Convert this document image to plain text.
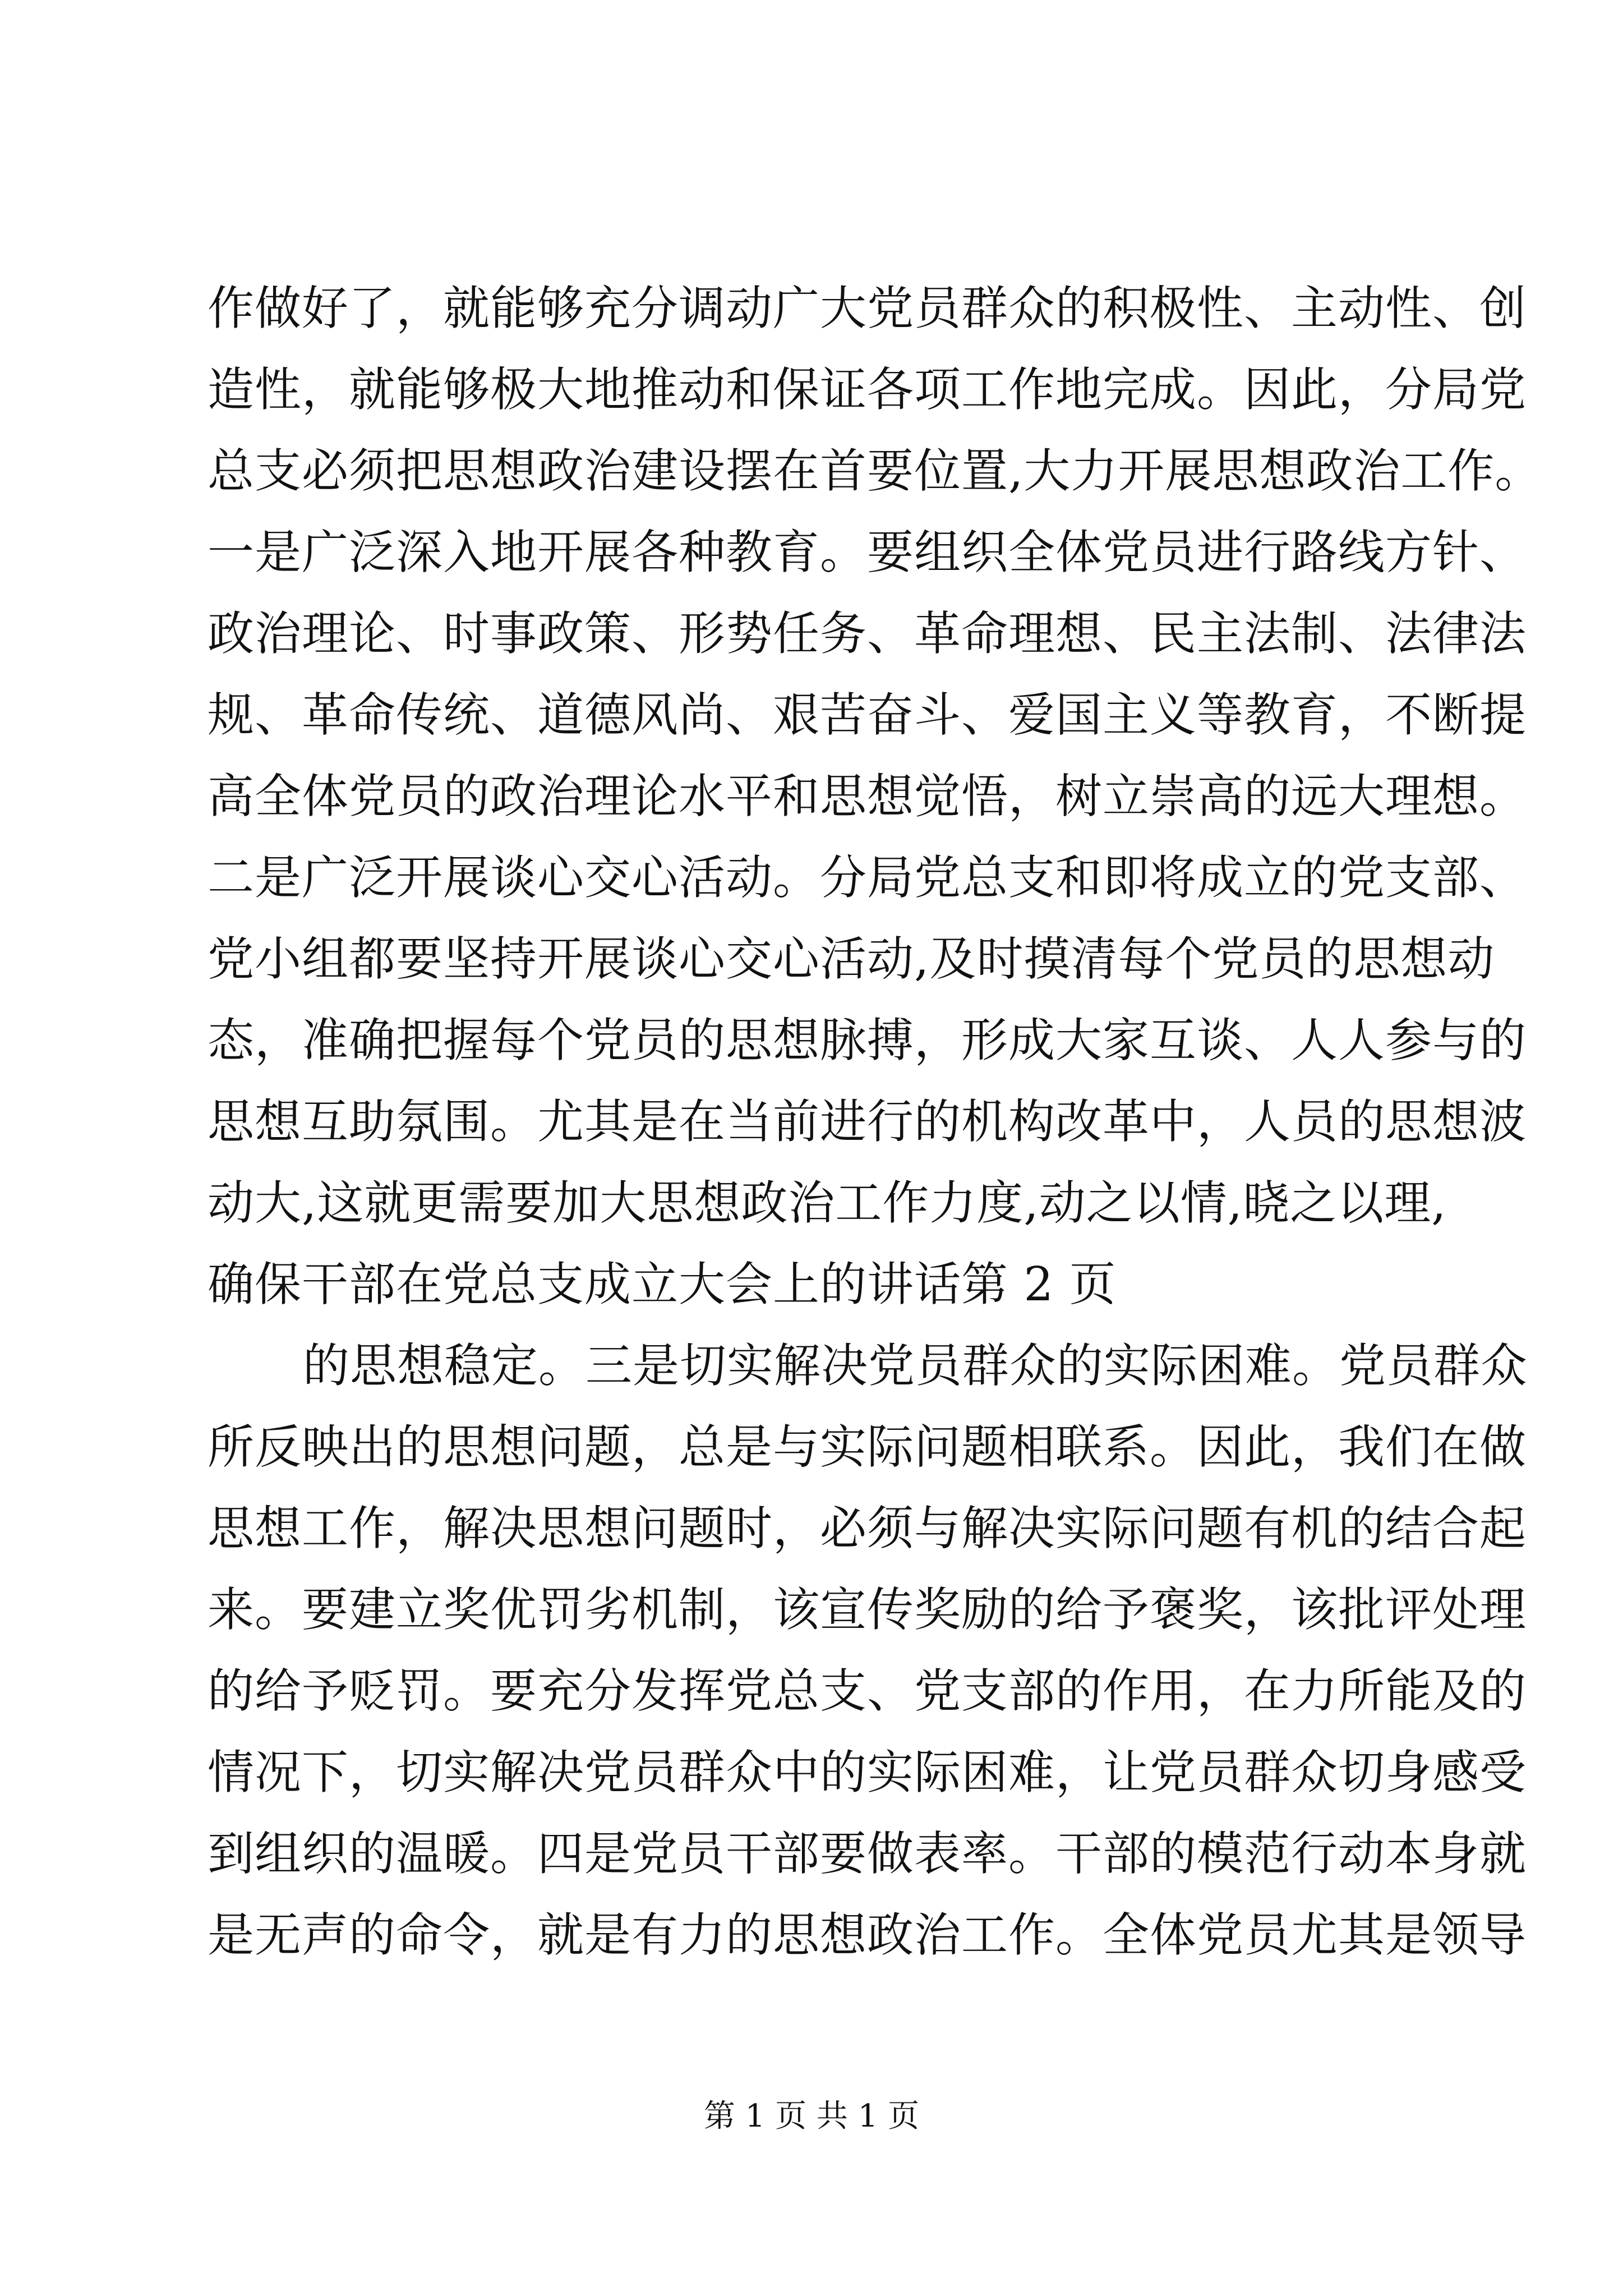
作做好了，就能够充分调动广大党员群众的积极性、主动性、创
造性，就能够极大地推动和保证各项工作地完成。因此，分局党
总支必须把思想政治建设摆在首要位置,大力开展思想政治工作。
一是广泛深入地开展各种教育。要组织全体党员进行路线方针、
政治理论、时事政策、形势任务、革命理想、民主法制、法律法
规、革命传统、道德风尚、艰苦奋斗、爱国主义等教育，不断提
高全体党员的政治理论水平和思想觉悟，树立崇高的远大理想。
二是广泛开展谈心交心活动。分局党总支和即将成立的党支部、
党小组都要坚持开展谈心交心活动,及时摸清每个党员的思想动
态，准确把握每个党员的思想脉搏，形成大家互谈、人人参与的
思想互助氛围。尤其是在当前进行的机构改革中，人员的思想波
动大,这就更需要加大思想政治工作力度,动之以情,晓之以理,
确保干部在党总支成立大会上的讲话第 2 页
的思想稳定。三是切实解决党员群众的实际困难。党员群众
所反映出的思想问题，总是与实际问题相联系。因此，我们在做
思想工作，解决思想问题时，必须与解决实际问题有机的结合起
来。要建立奖优罚劣机制，该宣传奖励的给予褒奖，该批评处理
的给予贬罚。要充分发挥党总支、党支部的作用，在力所能及的
情况下，切实解决党员群众中的实际困难，让党员群众切身感受
到组织的温暖。四是党员干部要做表率。干部的模范行动本身就
是无声的命令，就是有力的思想政治工作。全体党员尤其是领导
第 1 页 共 1 页
